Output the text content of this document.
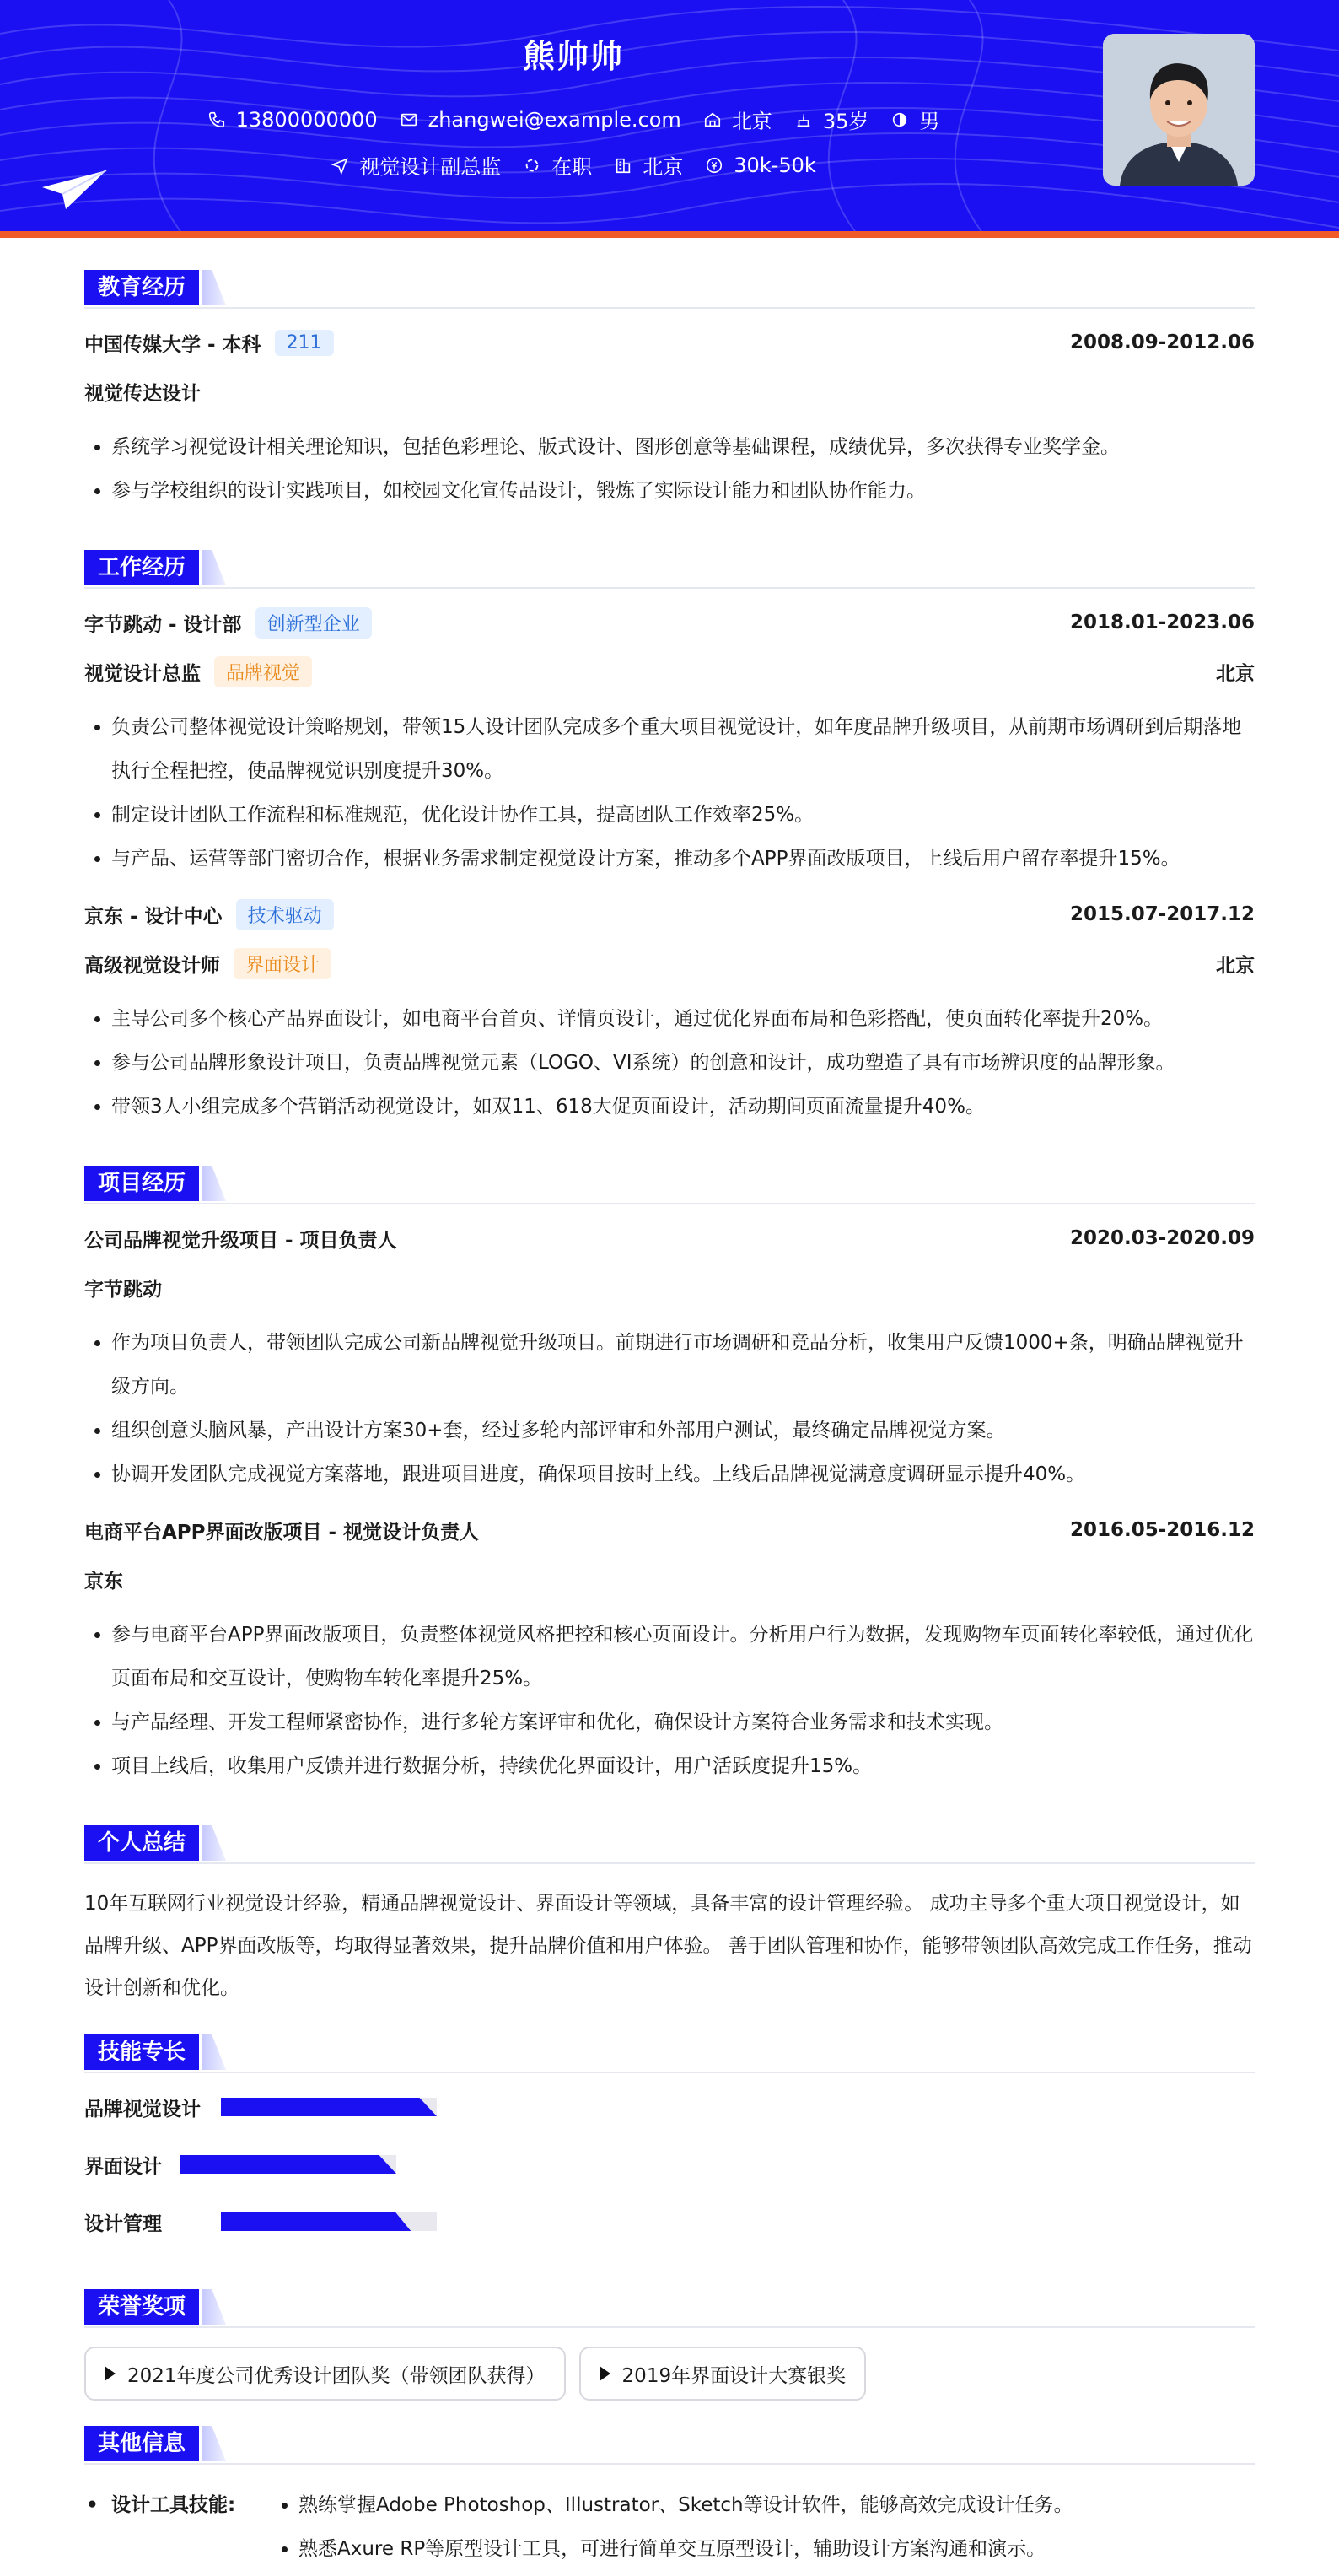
熊帅帅
13800000000	zhangwei@example.com	北京	35岁	男
视觉设计副总监	在职	北京	30k-50k
教育经历
中国传媒大学 - 本科	211	2008.09-2012.06
视觉传达设计
• 系统学习视觉设计相关理论知识，包括色彩理论、版式设计、图形创意等基础课程，成绩优异，多次获得专业奖学金。
• 参与学校组织的设计实践项目，如校园文化宣传品设计，锻炼了实际设计能力和团队协作能力。
工作经历
字节跳动 - 设计部	创新型企业	2018.01-2023.06
视觉设计总监	品牌视觉	北京
• 负责公司整体视觉设计策略规划，带领15人设计团队完成多个重大项目视觉设计，如年度品牌升级项目，从前期市场调研到后期落地执行全程把控，使品牌视觉识别度提升30%。
• 制定设计团队工作流程和标准规范，优化设计协作工具，提高团队工作效率25%。
• 与产品、运营等部门密切合作，根据业务需求制定视觉设计方案，推动多个APP界面改版项目，上线后用户留存率提升15%。
京东 - 设计中心	技术驱动	2015.07-2017.12
高级视觉设计师	界面设计	北京
• 主导公司多个核心产品界面设计，如电商平台首页、详情页设计，通过优化界面布局和色彩搭配，使页面转化率提升20%。
• 参与公司品牌形象设计项目，负责品牌视觉元素（LOGO、VI系统）的创意和设计，成功塑造了具有市场辨识度的品牌形象。
• 带领3人小组完成多个营销活动视觉设计，如双11、618大促页面设计，活动期间页面流量提升40%。
项目经历
公司品牌视觉升级项目 - 项目负责人	2020.03-2020.09
字节跳动
• 作为项目负责人，带领团队完成公司新品牌视觉升级项目。前期进行市场调研和竞品分析，收集用户反馈1000+条，明确品牌视觉升级方向。
• 组织创意头脑风暴，产出设计方案30+套，经过多轮内部评审和外部用户测试，最终确定品牌视觉方案。
• 协调开发团队完成视觉方案落地，跟进项目进度，确保项目按时上线。上线后品牌视觉满意度调研显示提升40%。
电商平台APP界面改版项目 - 视觉设计负责人	2016.05-2016.12
京东
• 参与电商平台APP界面改版项目，负责整体视觉风格把控和核心页面设计。分析用户行为数据，发现购物车页面转化率较低，通过优化页面布局和交互设计，使购物车转化率提升25%。
• 与产品经理、开发工程师紧密协作，进行多轮方案评审和优化，确保设计方案符合业务需求和技术实现。
• 项目上线后，收集用户反馈并进行数据分析，持续优化界面设计，用户活跃度提升15%。
个人总结

10年互联网行业视觉设计经验，精通品牌视觉设计、界面设计等领域，具备丰富的设计管理经验。 成功主导多个重大项目视觉设计，如品牌升级、APP界面改版等，均取得显著效果，提升品牌价值和用户体验。 善于团队管理和协作，能够带领团队高效完成工作任务，推动设计创新和优化。

技能专长
品牌视觉设计
界面设计
设计管理
荣誉奖项
2021年度公司优秀设计团队奖（带领团队获得）	2019年界面设计大赛银奖
其他信息
• 设计工具技能:
•	熟练掌握Adobe Photoshop、Illustrator、Sketch等设计软件，能够高效完成设计任务。
• 熟悉Axure RP等原型设计工具，可进行简单交互原型设计，辅助设计方案沟通和演示。
